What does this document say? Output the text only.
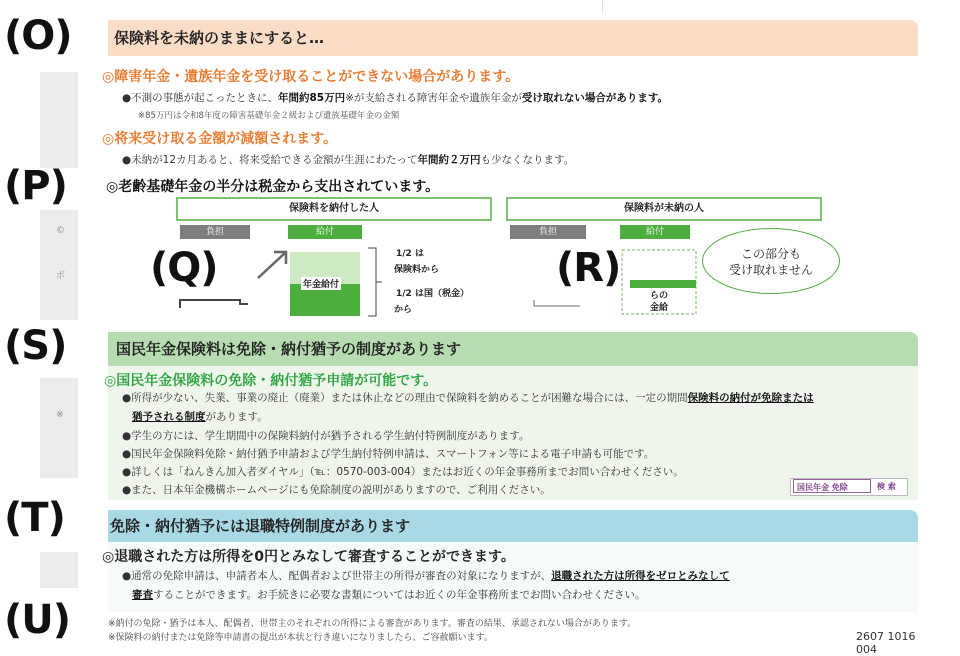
©
ボ
※
(O)
(P)
(S)
(T)
(U)
保険料を未納のままにすると…
◎障害年金・遺族年金を受け取ることができない場合があります。
●不測の事態が起こったときに、年間約85万円※が支給される障害年金や遺族年金が受け取れない場合があります。
※85万円は令和8年度の障害基礎年金２級および遺族基礎年金の金額
◎将来受け取る金額が減額されます。
●未納が12カ月あると、将来受給できる金額が生涯にわたって年間約２万円も少なくなります。
◎老齢基礎年金の半分は税金から支出されています。
保険料を納付した人	保険料が未納の人
負担	給付	負担	給付
年金給付
1/2 は
保険料から
1/2 は国（税金）
から
らの
金給
この部分も
受け取れません
国民年金保険料は免除・納付猶予の制度があります
◎国民年金保険料の免除・納付猶予申請が可能です。
●所得が少ない、失業、事業の廃止（廃業）または休止などの理由で保険料を納めることが困難な場合には、一定の期間保険料の納付が免除または
猶予される制度があります。
●学生の方には、学生期間中の保険料納付が猶予される学生納付特例制度があります。
●国民年金保険料免除・納付猶予申請および学生納付特例申請は、スマートフォン等による電子申請も可能です。
●詳しくは「ねんきん加入者ダイヤル」（℡：0570-003-004）またはお近くの年金事務所までお問い合わせください。
●また、日本年金機構ホームページにも免除制度の説明がありますので、ご利用ください。	国民年金 免除	検 索
免除・納付猶予には退職特例制度があります
◎退職された方は所得を0円とみなして審査することができます。
●通常の免除申請は、申請者本人、配偶者および世帯主の所得が審査の対象になりますが、退職された方は所得をゼロとみなして
審査することができます。お手続きに必要な書類についてはお近くの年金事務所までお問い合わせください。
※納付の免除・猶予は本人、配偶者、世帯主のそれぞれの所得による審査があります。審査の結果、承認されない場合があります。
※保険料の納付または免除等申請書の提出が本状と行き違いになりましたら、ご容赦願います。	2607 1016 004
(Q)	(R)
